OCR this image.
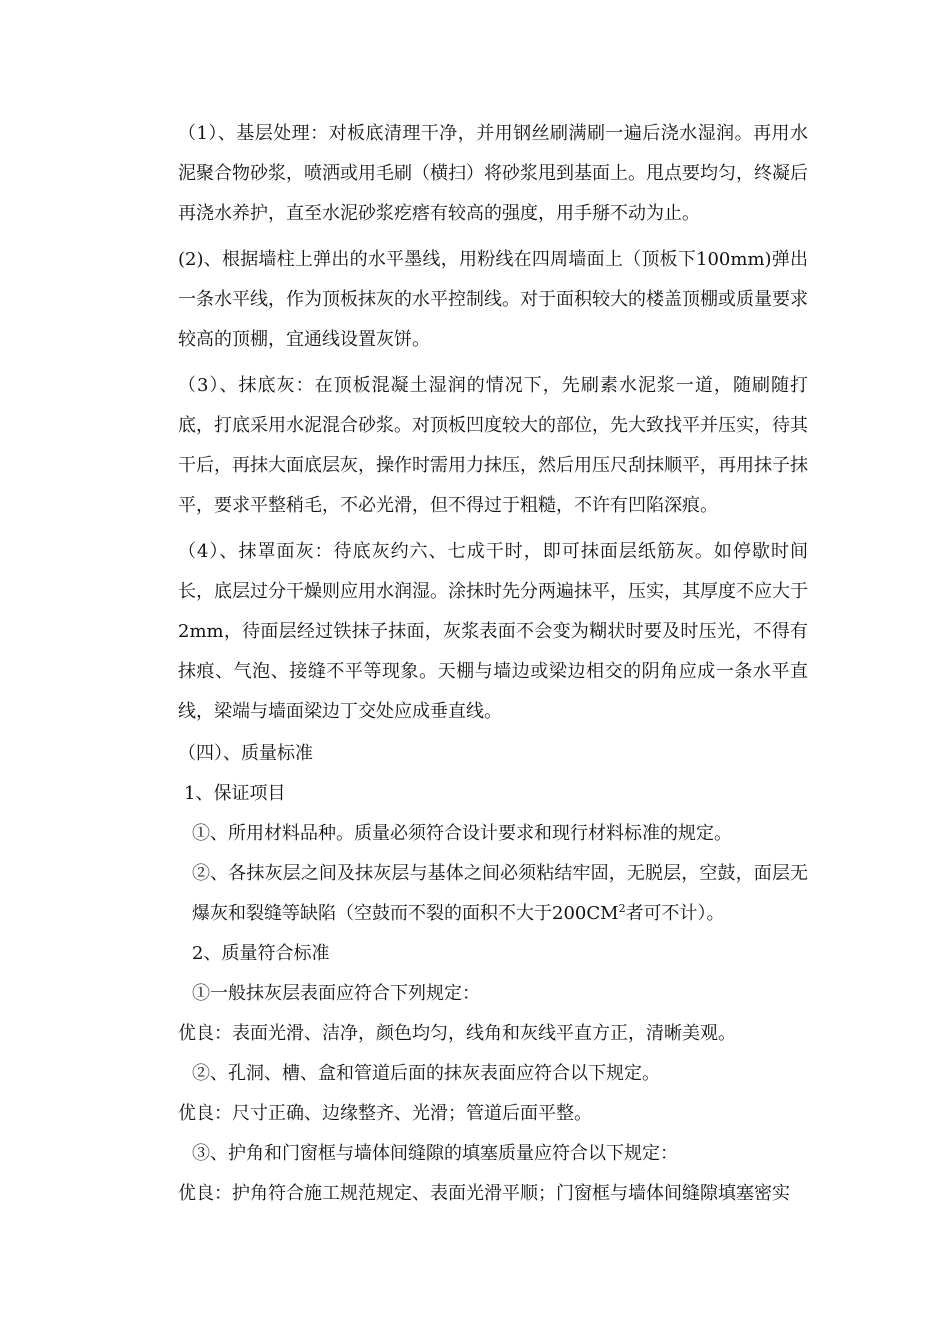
（1）、基层处理：对板底清理干净，并用钢丝刷满刷一遍后浇水湿润。再用水泥聚合物砂浆，喷洒或用毛刷（横扫）将砂浆甩到基面上。甩点要均匀，终凝后再浇水养护，直至水泥砂浆疙瘩有较高的强度，用手掰不动为止。

(2)、根据墙柱上弹出的水平墨线，用粉线在四周墙面上（顶板下100mm)弹出一条水平线，作为顶板抹灰的水平控制线。对于面积较大的楼盖顶棚或质量要求较高的顶棚，宜通线设置灰饼。

（3）、抹底灰：在顶板混凝土湿润的情况下，先刷素水泥浆一道，随刷随打底，打底采用水泥混合砂浆。对顶板凹度较大的部位，先大致找平并压实，待其干后，再抹大面底层灰，操作时需用力抹压，然后用压尺刮抹顺平，再用抹子抹平，要求平整稍毛，不必光滑，但不得过于粗糙，不许有凹陷深痕。

（4）、抹罩面灰：待底灰约六、七成干时，即可抹面层纸筋灰。如停歇时间长，底层过分干燥则应用水润湿。涂抹时先分两遍抹平，压实，其厚度不应大于2mm，待面层经过铁抹子抹面，灰浆表面不会变为糊状时要及时压光，不得有抹痕、气泡、接缝不平等现象。天棚与墙边或梁边相交的阴角应成一条水平直线，梁端与墙面梁边丁交处应成垂直线。

（四）、质量标准

1、保证项目

①、所用材料品种。质量必须符合设计要求和现行材料标准的规定。

②、各抹灰层之间及抹灰层与基体之间必须粘结牢固，无脱层，空鼓，面层无爆灰和裂缝等缺陷（空鼓而不裂的面积不大于$200CM^2$者可不计）。

2、质量符合标准

①一般抹灰层表面应符合下列规定：

优良：表面光滑、洁净，颜色均匀，线角和灰线平直方正，清晰美观。

②、孔洞、槽、盒和管道后面的抹灰表面应符合以下规定。

优良：尺寸正确、边缘整齐、光滑；管道后面平整。

③、护角和门窗框与墙体间缝隙的填塞质量应符合以下规定：

优良：护角符合施工规范规定、表面光滑平顺；门窗框与墙体间缝隙填塞密实
